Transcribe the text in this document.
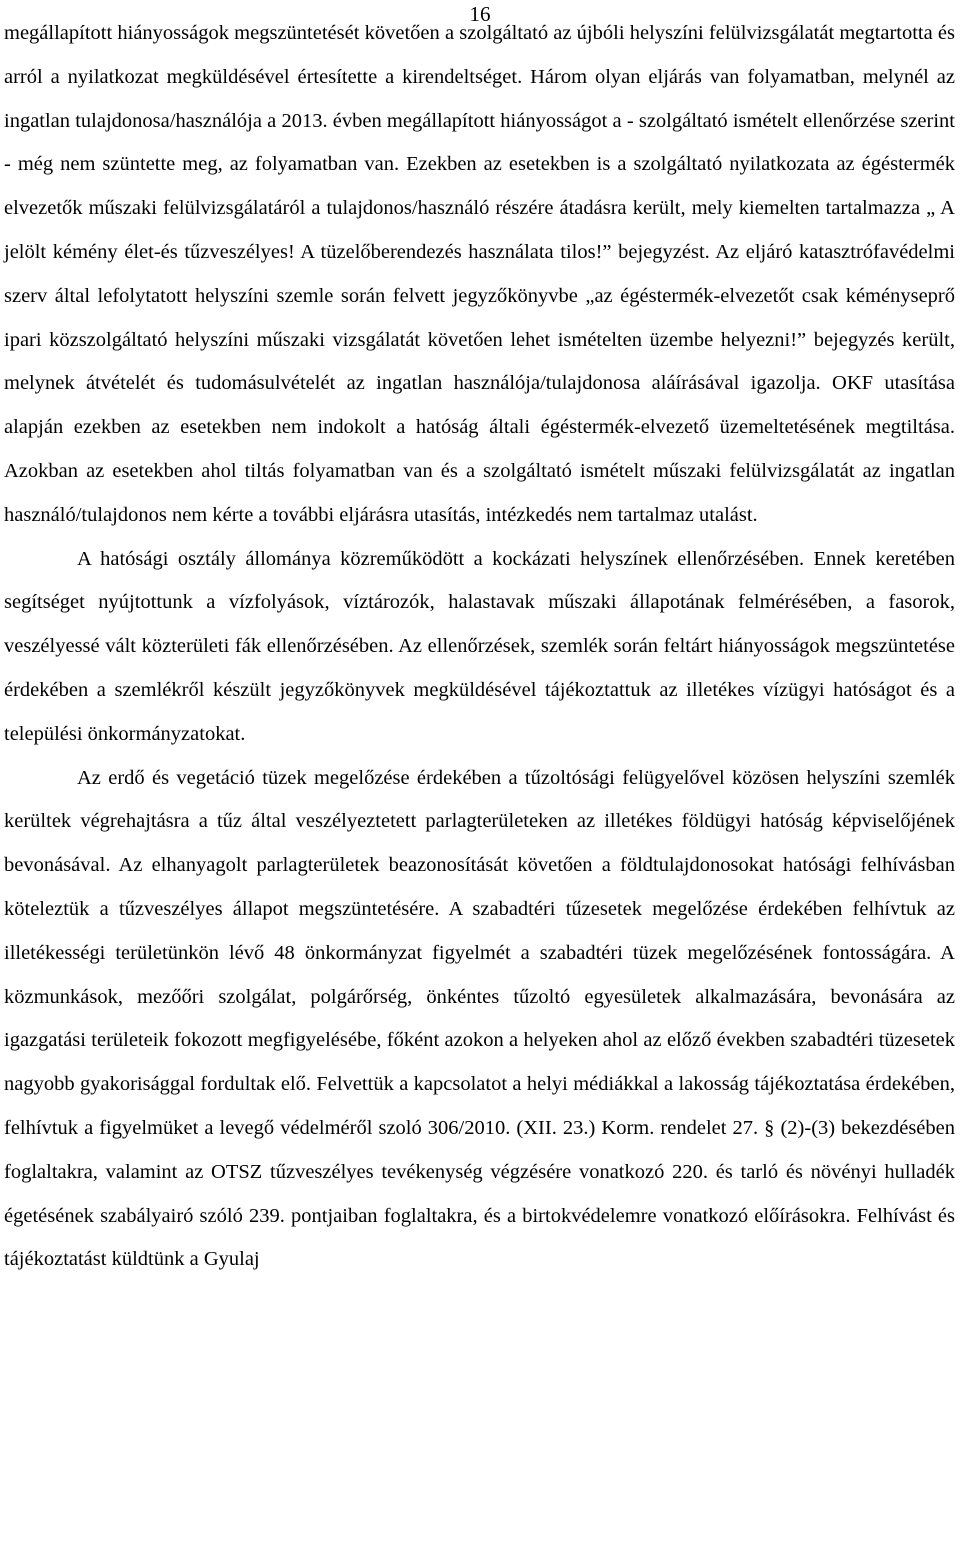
16

megállapított hiányosságok megszüntetését követően a szolgáltató az újbóli helyszíni felülvizsgálatát megtartotta és arról a nyilatkozat megküldésével értesítette a kirendeltséget. Három olyan eljárás van folyamatban, melynél az ingatlan tulajdonosa/használója a 2013. évben megállapított hiányosságot a - szolgáltató ismételt ellenőrzése szerint - még nem szüntette meg, az folyamatban van. Ezekben az esetekben is a szolgáltató nyilatkozata az égéstermék elvezetők műszaki felülvizsgálatáról a tulajdonos/használó részére átadásra került, mely kiemelten tartalmazza „ A jelölt kémény élet-és tűzveszélyes! A tüzelőberendezés használata tilos!” bejegyzést. Az eljáró katasztrófavédelmi szerv által lefolytatott helyszíni szemle során felvett jegyzőkönyvbe „az égéstermék-elvezetőt csak kéményseprő ipari közszolgáltató helyszíni műszaki vizsgálatát követően lehet ismételten üzembe helyezni!” bejegyzés került, melynek átvételét és tudomásulvételét az ingatlan használója/tulajdonosa aláírásával igazolja. OKF utasítása alapján ezekben az esetekben nem indokolt a hatóság általi égéstermék-elvezető üzemeltetésének megtiltása. Azokban az esetekben ahol tiltás folyamatban van és a szolgáltató ismételt műszaki felülvizsgálatát az ingatlan használó/tulajdonos nem kérte a további eljárásra utasítás, intézkedés nem tartalmaz utalást.

A hatósági osztály állománya közreműködött a kockázati helyszínek ellenőrzésében. Ennek keretében segítséget nyújtottunk a vízfolyások, víztározók, halastavak műszaki állapotának felmérésében, a fasorok, veszélyessé vált közterületi fák ellenőrzésében. Az ellenőrzések, szemlék során feltárt hiányosságok megszüntetése érdekében a szemlékről készült jegyzőkönyvek megküldésével tájékoztattuk az illetékes vízügyi hatóságot és a települési önkormányzatokat.

Az erdő és vegetáció tüzek megelőzése érdekében a tűzoltósági felügyelővel közösen helyszíni szemlék kerültek végrehajtásra a tűz által veszélyeztetett parlagterületeken az illetékes földügyi hatóság képviselőjének bevonásával. Az elhanyagolt parlagterületek beazonosítását követően a földtulajdonosokat hatósági felhívásban köteleztük a tűzveszélyes állapot megszüntetésére. A szabadtéri tűzesetek megelőzése érdekében felhívtuk az illetékességi területünkön lévő 48 önkormányzat figyelmét a szabadtéri tüzek megelőzésének fontosságára. A közmunkások, mezőőri szolgálat, polgárőrség, önkéntes tűzoltó egyesületek alkalmazására, bevonására az igazgatási területeik fokozott megfigyelésébe, főként azokon a helyeken ahol az előző években szabadtéri tüzesetek nagyobb gyakorisággal fordultak elő. Felvettük a kapcsolatot a helyi médiákkal a lakosság tájékoztatása érdekében, felhívtuk a figyelmüket a levegő védelméről szoló 306/2010. (XII. 23.) Korm. rendelet 27. § (2)-(3) bekezdésében foglaltakra, valamint az OTSZ tűzveszélyes tevékenység végzésére vonatkozó 220. és tarló és növényi hulladék égetésének szabályairó szóló 239. pontjaiban foglaltakra, és a birtokvédelemre vonatkozó előírásokra. Felhívást és tájékoztatást küldtünk a Gyulaj
